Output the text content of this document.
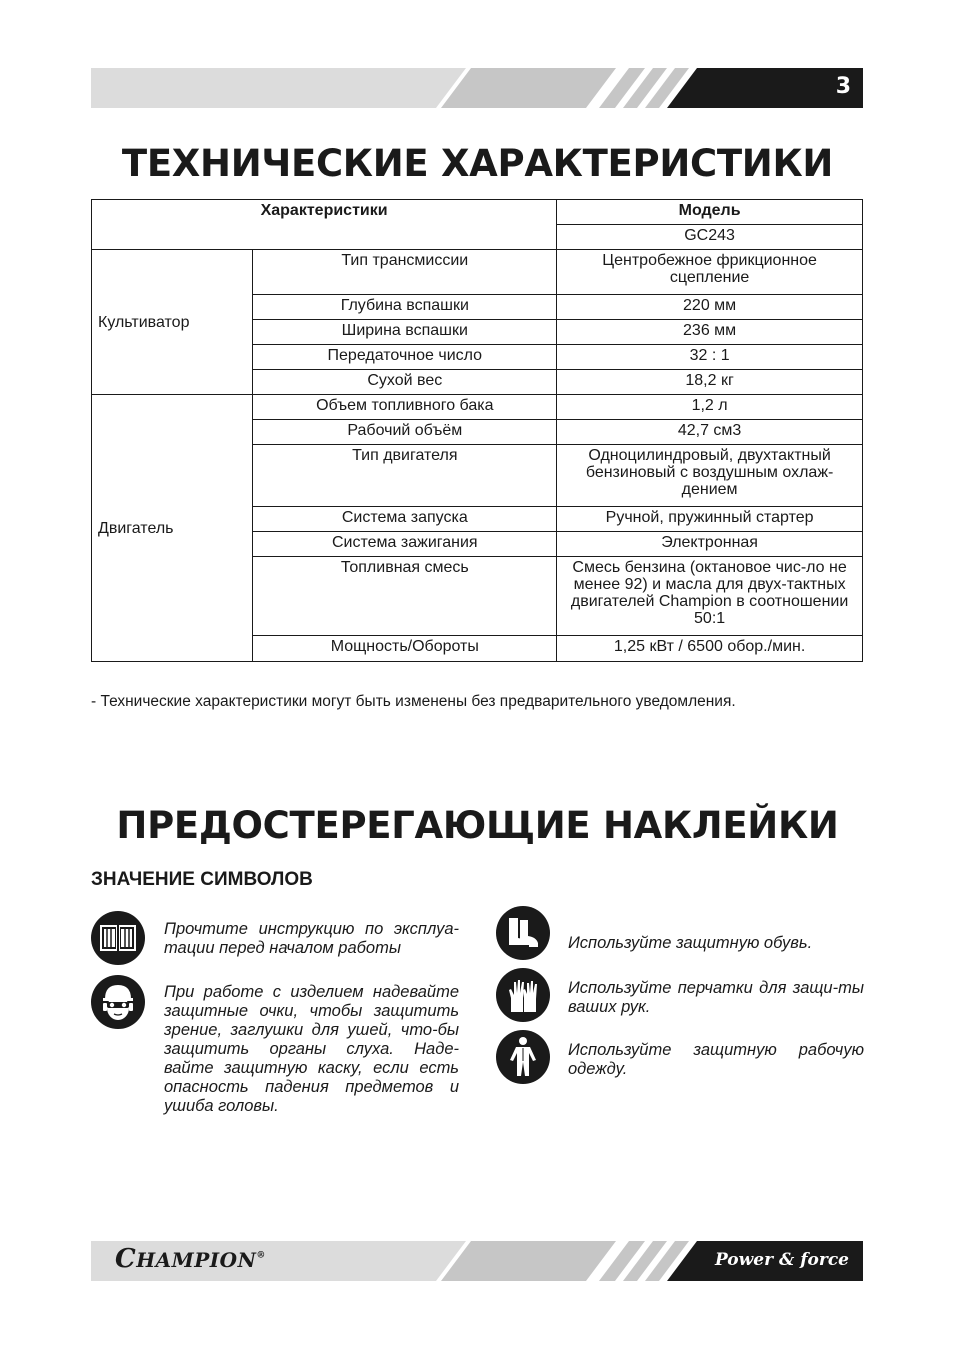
3
ТЕХНИЧЕСКИЕ ХАРАКТЕРИСТИКИ
Характеристики		Модель
		GC243
Культиватор	Тип трансмиссии	Центробежное фрикционное сцепление
	Глубина вспашки	220 мм
	Ширина вспашки	236 мм
	Передаточное число	32 : 1
	Сухой вес	18,2 кг
Двигатель	Объем топливного бака	1,2 л
	Рабочий объём	42,7 см3
	Тип двигателя	Одноцилиндровый, двухтактный бензиновый с воздушным охлаж-дением
	Система запуска	Ручной, пружинный стартер
	Система зажигания	Электронная
	Топливная смесь	Смесь бензина (октановое чис-ло не менее 92) и масла для двух-тактных двигателей Champion в соотношении 50:1
	Мощность/Обороты	1,25 кВт / 6500 обор./мин.
- Технические характеристики могут быть изменены без предварительного уведомления.
ПРЕДОСТЕРЕГАЮЩИЕ НАКЛЕЙКИ
ЗНАЧЕНИЕ СИМВОЛОВ
Прочтите инструкцию по эксплуа-тации перед началом работы
При работе с изделием надевайте защитные очки, чтобы защитить зрение, заглушки для ушей, что-бы защитить органы слуха. Наде-вайте защитную каску, если есть опасность падения предметов и ушиба головы.
Используйте защитную обувь.
Используйте перчатки для защи-ты ваших рук.
Используйте защитную рабочую одежду.
CHAMPION®	Power & force
